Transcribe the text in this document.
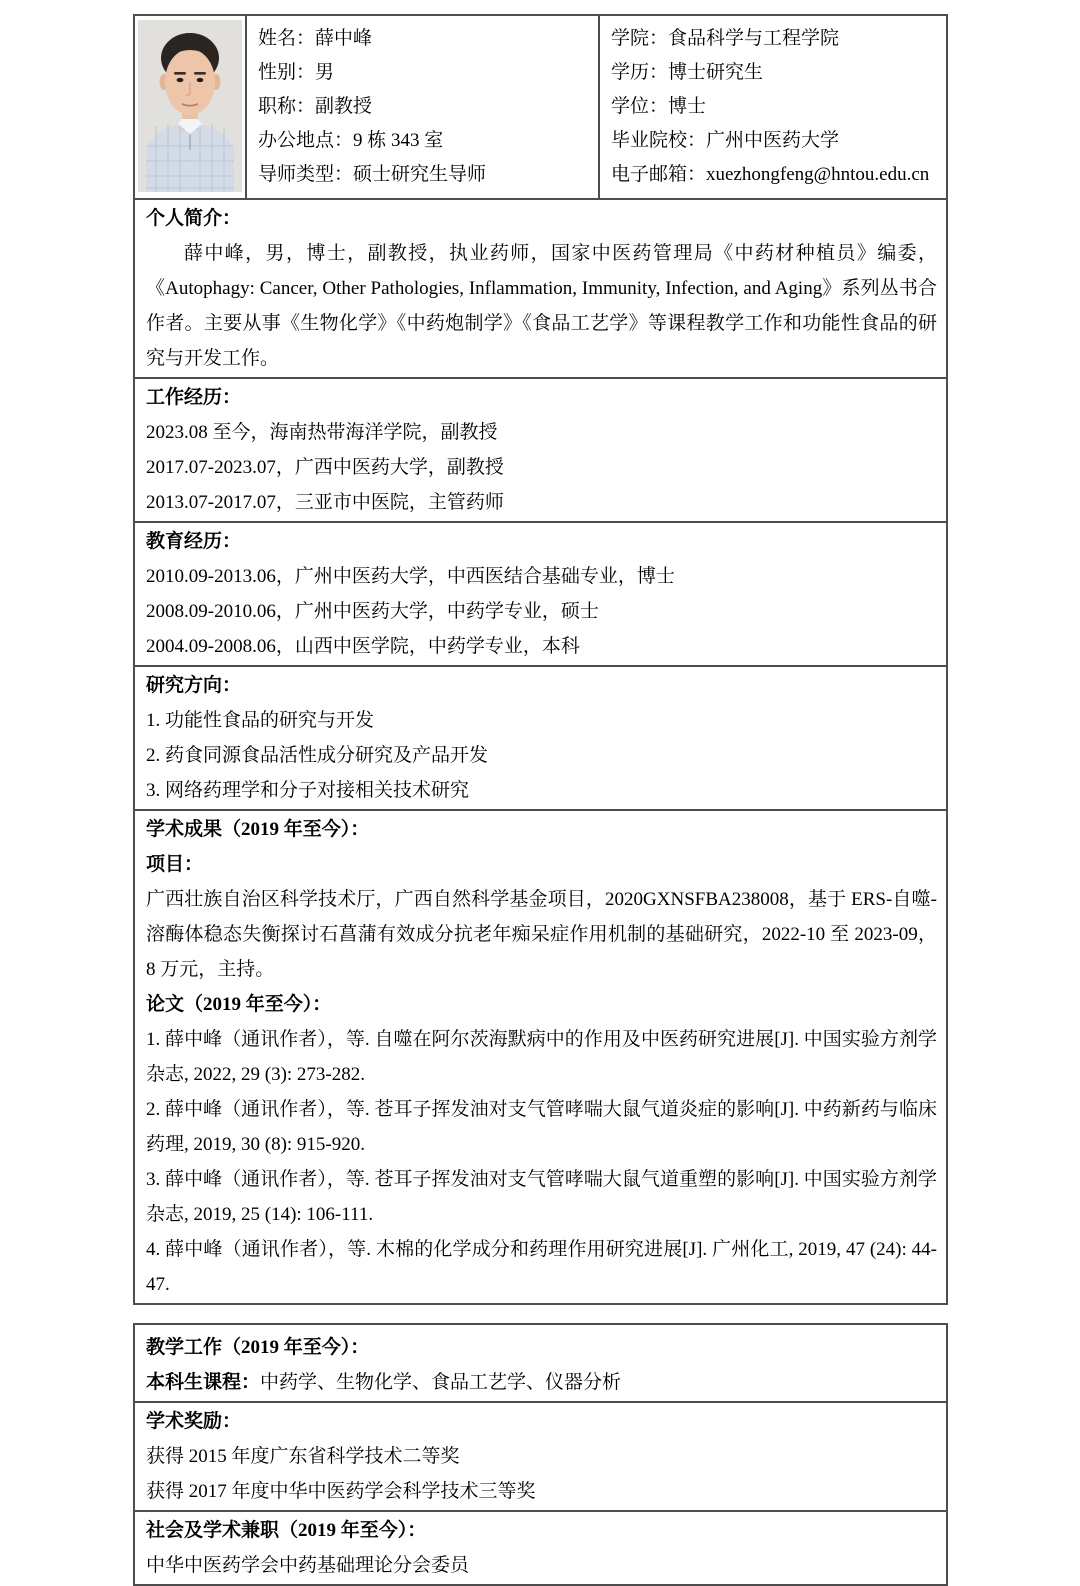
姓名：薛中峰
性别：男
职称：副教授
办公地点：9 栋 343 室
导师类型：硕士研究生导师
学院：食品科学与工程学院
学历：博士研究生
学位：博士
毕业院校：广州中医药大学
电子邮箱：xuezhongfeng@hntou.edu.cn

个人简介：

薛中峰，男，博士，副教授，执业药师，国家中医药管理局《中药材种植员》编委，《Autophagy: Cancer, Other Pathologies, Inflammation, Immunity, Infection, and Aging》系列丛书合作者。主要从事《生物化学》《中药炮制学》《食品工艺学》等课程教学工作和功能性食品的研究与开发工作。

工作经历：

2023.08 至今，海南热带海洋学院，副教授

2017.07-2023.07，广西中医药大学，副教授

2013.07-2017.07，三亚市中医院，主管药师

教育经历：

2010.09-2013.06，广州中医药大学，中西医结合基础专业，博士

2008.09-2010.06，广州中医药大学，中药学专业，硕士

2004.09-2008.06，山西中医学院，中药学专业，本科

研究方向：

1. 功能性食品的研究与开发

2. 药食同源食品活性成分研究及产品开发

3. 网络药理学和分子对接相关技术研究

学术成果（2019 年至今）：

项目：

广西壮族自治区科学技术厅，广西自然科学基金项目，2020GXNSFBA238008，基于 ERS-自噬-溶酶体稳态失衡探讨石菖蒲有效成分抗老年痴呆症作用机制的基础研究，2022-10 至 2023-09，8 万元，主持。

论文（2019 年至今）：

1. 薛中峰（通讯作者），等. 自噬在阿尔茨海默病中的作用及中医药研究进展[J]. 中国实验方剂学杂志, 2022, 29 (3): 273-282.

2. 薛中峰（通讯作者），等. 苍耳子挥发油对支气管哮喘大鼠气道炎症的影响[J]. 中药新药与临床药理, 2019, 30 (8): 915-920.

3. 薛中峰（通讯作者），等. 苍耳子挥发油对支气管哮喘大鼠气道重塑的影响[J]. 中国实验方剂学杂志, 2019, 25 (14): 106-111.

4. 薛中峰（通讯作者），等. 木棉的化学成分和药理作用研究进展[J]. 广州化工, 2019, 47 (24): 44-47.

教学工作（2019 年至今）：

本科生课程：中药学、生物化学、食品工艺学、仪器分析

学术奖励：

获得 2015 年度广东省科学技术二等奖

获得 2017 年度中华中医药学会科学技术三等奖

社会及学术兼职（2019 年至今）：

中华中医药学会中药基础理论分会委员
